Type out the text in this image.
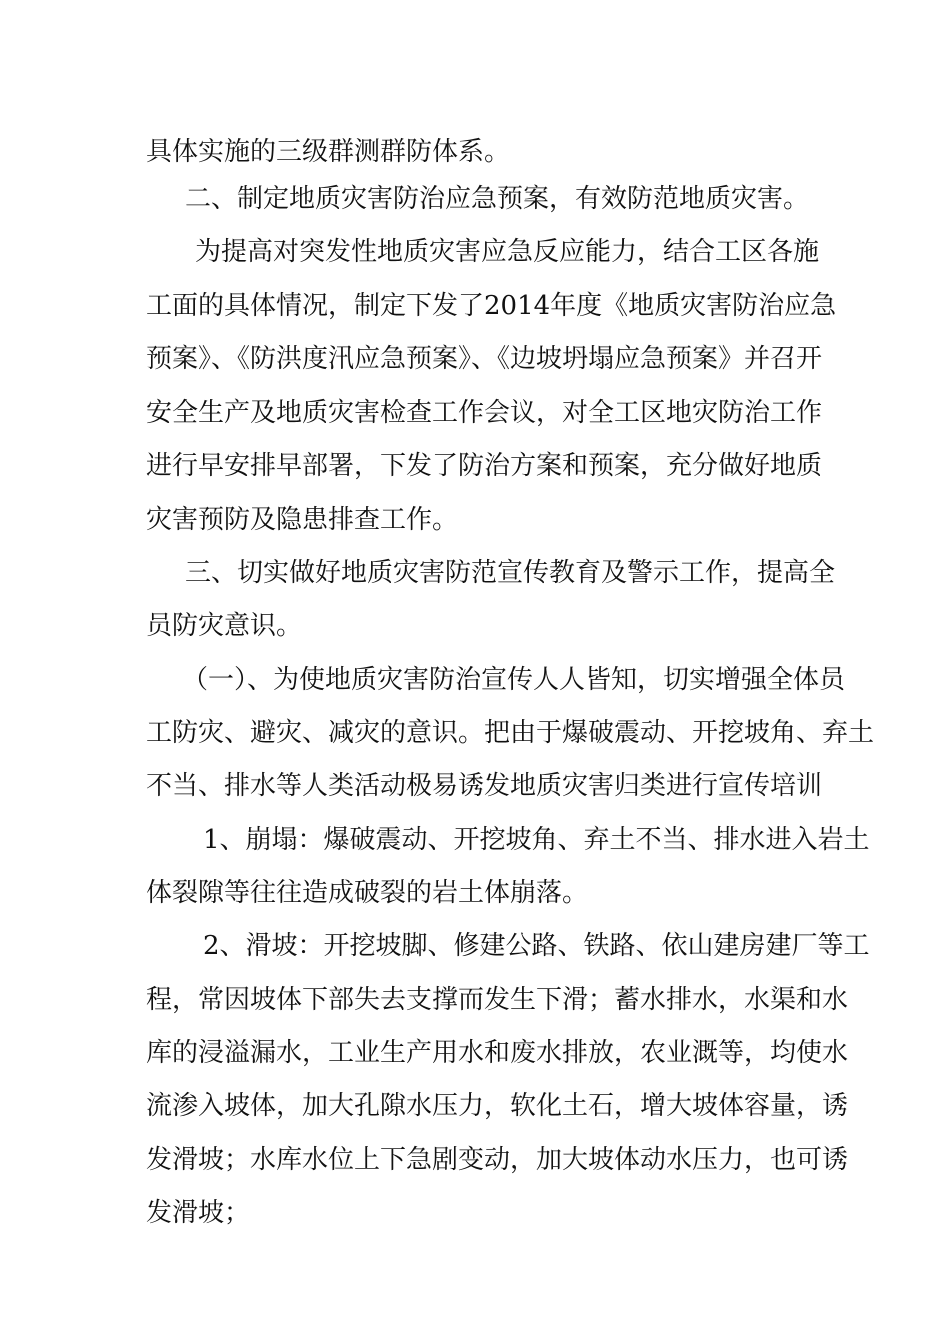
具体实施的三级群测群防体系。
二、制定地质灾害防治应急预案，有效防范地质灾害。
为提高对突发性地质灾害应急反应能力，结合工区各施
工面的具体情况，制定下发了2014年度《地质灾害防治应急
预案》、《防洪度汛应急预案》、《边坡坍塌应急预案》并召开
安全生产及地质灾害检查工作会议，对全工区地灾防治工作
进行早安排早部署，下发了防治方案和预案，充分做好地质
灾害预防及隐患排查工作。
三、切实做好地质灾害防范宣传教育及警示工作，提高全
员防灾意识。
（一）、为使地质灾害防治宣传人人皆知，切实增强全体员
工防灾、避灾、减灾的意识。把由于爆破震动、开挖坡角、弃土
不当、排水等人类活动极易诱发地质灾害归类进行宣传培训
1、崩塌：爆破震动、开挖坡角、弃土不当、排水进入岩土
体裂隙等往往造成破裂的岩土体崩落。
2、滑坡：开挖坡脚、修建公路、铁路、依山建房建厂等工
程，常因坡体下部失去支撑而发生下滑；蓄水排水，水渠和水
库的浸溢漏水，工业生产用水和废水排放，农业溉等，均使水
流渗入坡体，加大孔隙水压力，软化土石，增大坡体容量，诱
发滑坡；水库水位上下急剧变动，加大坡体动水压力，也可诱
发滑坡；
